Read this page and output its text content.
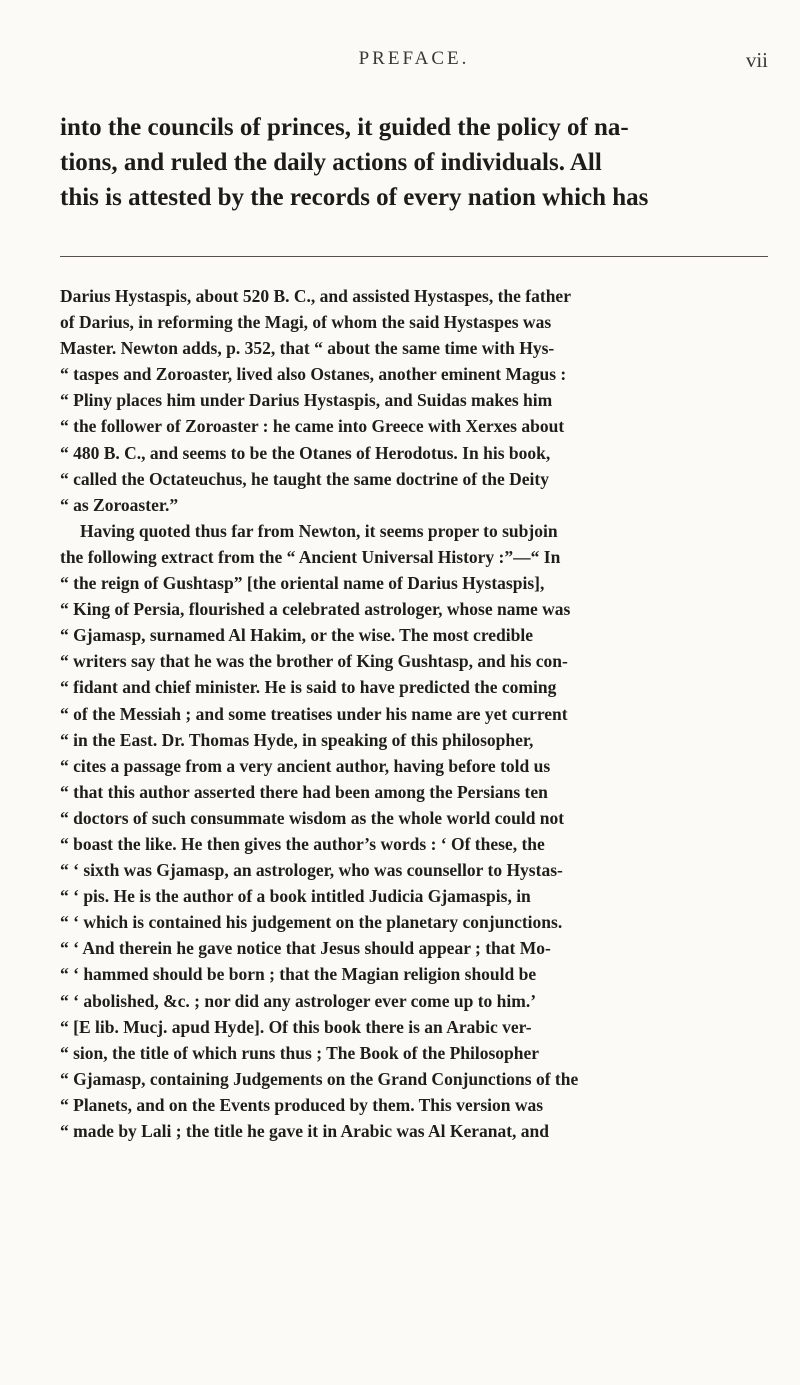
PREFACE.	vii
into the councils of princes, it guided the policy of na-
tions, and ruled the daily actions of individuals. All
this is attested by the records of every nation which has
Darius Hystaspis, about 520 B. C., and assisted Hystaspes, the father
of Darius, in reforming the Magi, of whom the said Hystaspes was
Master. Newton adds, p. 352, that “ about the same time with Hys-
“ taspes and Zoroaster, lived also Ostanes, another eminent Magus :
“ Pliny places him under Darius Hystaspis, and Suidas makes him
“ the follower of Zoroaster : he came into Greece with Xerxes about
“ 480 B. C., and seems to be the Otanes of Herodotus. In his book,
“ called the Octateuchus, he taught the same doctrine of the Deity
“ as Zoroaster.”
Having quoted thus far from Newton, it seems proper to subjoin
the following extract from the “ Ancient Universal History :”—“ In
“ the reign of Gushtasp” [the oriental name of Darius Hystaspis],
“ King of Persia, flourished a celebrated astrologer, whose name was
“ Gjamasp, surnamed Al Hakim, or the wise. The most credible
“ writers say that he was the brother of King Gushtasp, and his con-
“ fidant and chief minister. He is said to have predicted the coming
“ of the Messiah ; and some treatises under his name are yet current
“ in the East. Dr. Thomas Hyde, in speaking of this philosopher,
“ cites a passage from a very ancient author, having before told us
“ that this author asserted there had been among the Persians ten
“ doctors of such consummate wisdom as the whole world could not
“ boast the like. He then gives the author’s words : ‘ Of these, the
“ ‘ sixth was Gjamasp, an astrologer, who was counsellor to Hystas-
“ ‘ pis. He is the author of a book intitled Judicia Gjamaspis, in
“ ‘ which is contained his judgement on the planetary conjunctions.
“ ‘ And therein he gave notice that Jesus should appear ; that Mo-
“ ‘ hammed should be born ; that the Magian religion should be
“ ‘ abolished, &c. ; nor did any astrologer ever come up to him.’
“ [E lib. Mucj. apud Hyde]. Of this book there is an Arabic ver-
“ sion, the title of which runs thus ; The Book of the Philosopher
“ Gjamasp, containing Judgements on the Grand Conjunctions of the
“ Planets, and on the Events produced by them. This version was
“ made by Lali ; the title he gave it in Arabic was Al Keranat, and
